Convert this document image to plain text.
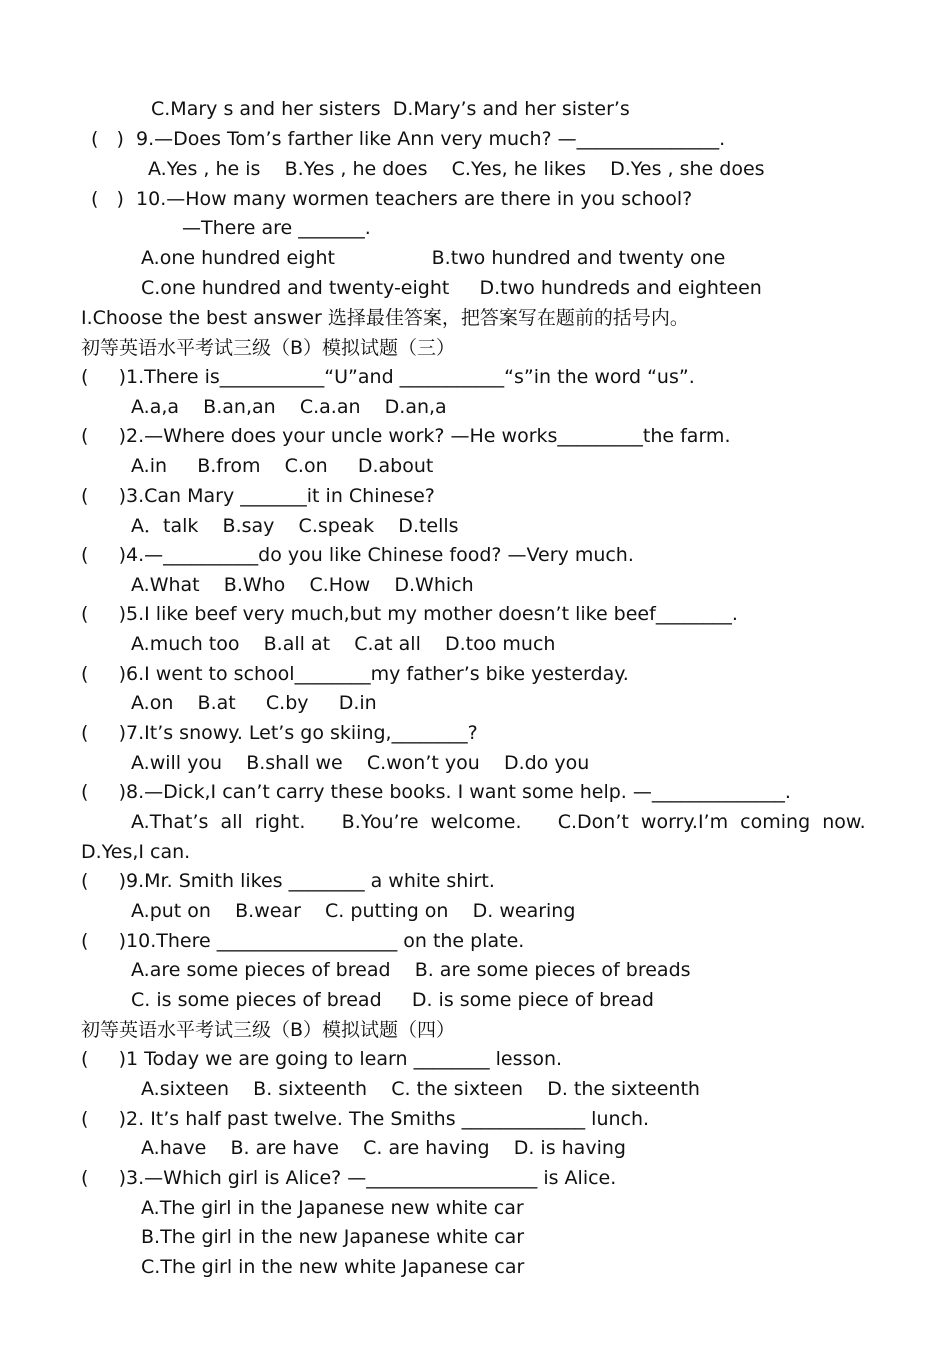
C.Mary s and her sisters  D.Mary’s and her sister’s
(   )  9.—Does Tom’s farther like Ann very much? —_______________.
A.Yes , he is    B.Yes , he does    C.Yes, he likes    D.Yes , she does
(   )  10.—How many wormen teachers are there in you school?
—There are _______.
A.one hundred eight                B.two hundred and twenty one
C.one hundred and twenty-eight     D.two hundreds and eighteen
I.Choose the best answer 选择最佳答案，把答案写在题前的括号内。
初等英语水平考试三级（B）模拟试题（三）
(     )1.There is___________“U”and ___________“s”in the word “us”.
A.a,a    B.an,an    C.a.an    D.an,a
(     )2.—Where does your uncle work? —He works_________the farm.
A.in     B.from    C.on     D.about
(     )3.Can Mary _______it in Chinese?
A．talk    B.say    C.speak    D.tells
(     )4.—__________do you like Chinese food? —Very much.
A.What    B.Who    C.How    D.Which
(     )5.I like beef very much,but my mother doesn’t like beef________.
A.much too    B.all at    C.at all    D.too much
(     )6.I went to school________my father’s bike yesterday.
A.on    B.at     C.by     D.in
(     )7.It’s snowy. Let’s go skiing,________?
A.will you    B.shall we    C.won’t you    D.do you
(     )8.—Dick,I can’t carry these books. I want some help. —______________.
A.That’s  all  right.      B.You’re  welcome.      C.Don’t  worry.I’m  coming  now.
D.Yes,I can.
(     )9.Mr. Smith likes ________ a white shirt.
A.put on    B.wear    C. putting on    D. wearing
(     )10.There ___________________ on the plate.
A.are some pieces of bread    B. are some pieces of breads
C. is some pieces of bread     D. is some piece of bread
初等英语水平考试三级（B）模拟试题（四）
(     )1 Today we are going to learn ________ lesson.
A.sixteen    B. sixteenth    C. the sixteen    D. the sixteenth
(     )2. It’s half past twelve. The Smiths _____________ lunch.
A.have    B. are have    C. are having    D. is having
(     )3.—Which girl is Alice? —__________________ is Alice.
A.The girl in the Japanese new white car
B.The girl in the new Japanese white car
C.The girl in the new white Japanese car
